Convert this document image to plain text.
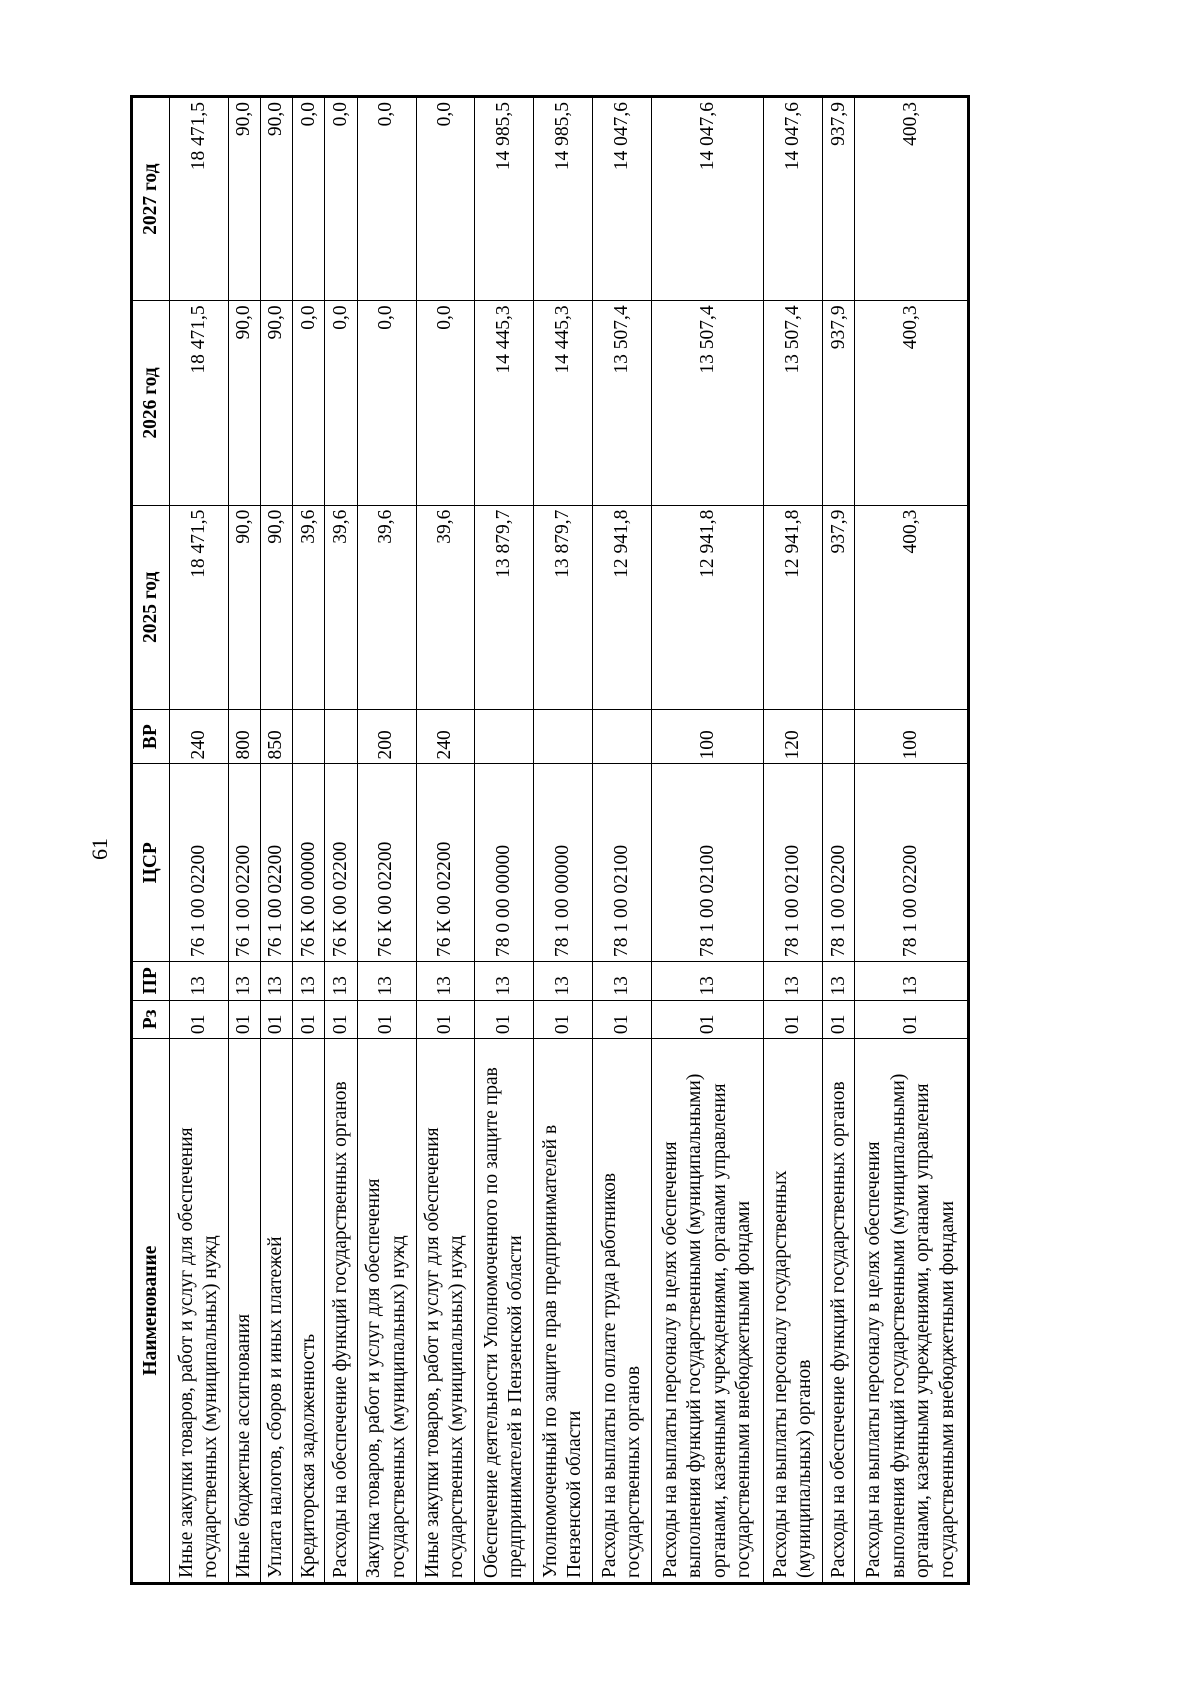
61
Наименование	Рз	ПР	ЦСР	ВР	2025 год	2026 год	2027 год
Иные закупки товаров, работ и услуг для обеспечения государственных (муниципальных) нужд	01	13	76 1 00 02200	240	18 471,5	18 471,5	18 471,5
Иные бюджетные ассигнования	01	13	76 1 00 02200	800	90,0	90,0	90,0
Уплата налогов, сборов и иных платежей	01	13	76 1 00 02200	850	90,0	90,0	90,0
Кредиторская задолженность	01	13	76 К 00 00000		39,6	0,0	0,0
Расходы на обеспечение функций государственных органов	01	13	76 К 00 02200		39,6	0,0	0,0
Закупка товаров, работ и услуг для обеспечения государственных (муниципальных) нужд	01	13	76 К 00 02200	200	39,6	0,0	0,0
Иные закупки товаров, работ и услуг для обеспечения государственных (муниципальных) нужд	01	13	76 К 00 02200	240	39,6	0,0	0,0
Обеспечение деятельности Уполномоченного по защите прав предпринимателей в Пензенской области	01	13	78 0 00 00000		13 879,7	14 445,3	14 985,5
Уполномоченный по защите прав предпринимателей в Пензенской области	01	13	78 1 00 00000		13 879,7	14 445,3	14 985,5
Расходы на выплаты по оплате труда работников государственных органов	01	13	78 1 00 02100		12 941,8	13 507,4	14 047,6
Расходы на выплаты персоналу в целях обеспечения выполнения функций государственными (муниципальными) органами, казенными учреждениями, органами управления государственными внебюджетными фондами	01	13	78 1 00 02100	100	12 941,8	13 507,4	14 047,6
Расходы на выплаты персоналу государственных (муниципальных) органов	01	13	78 1 00 02100	120	12 941,8	13 507,4	14 047,6
Расходы на обеспечение функций государственных органов	01	13	78 1 00 02200		937,9	937,9	937,9
Расходы на выплаты персоналу в целях обеспечения выполнения функций государственными (муниципальными) органами, казенными учреждениями, органами управления государственными внебюджетными фондами	01	13	78 1 00 02200	100	400,3	400,3	400,3
